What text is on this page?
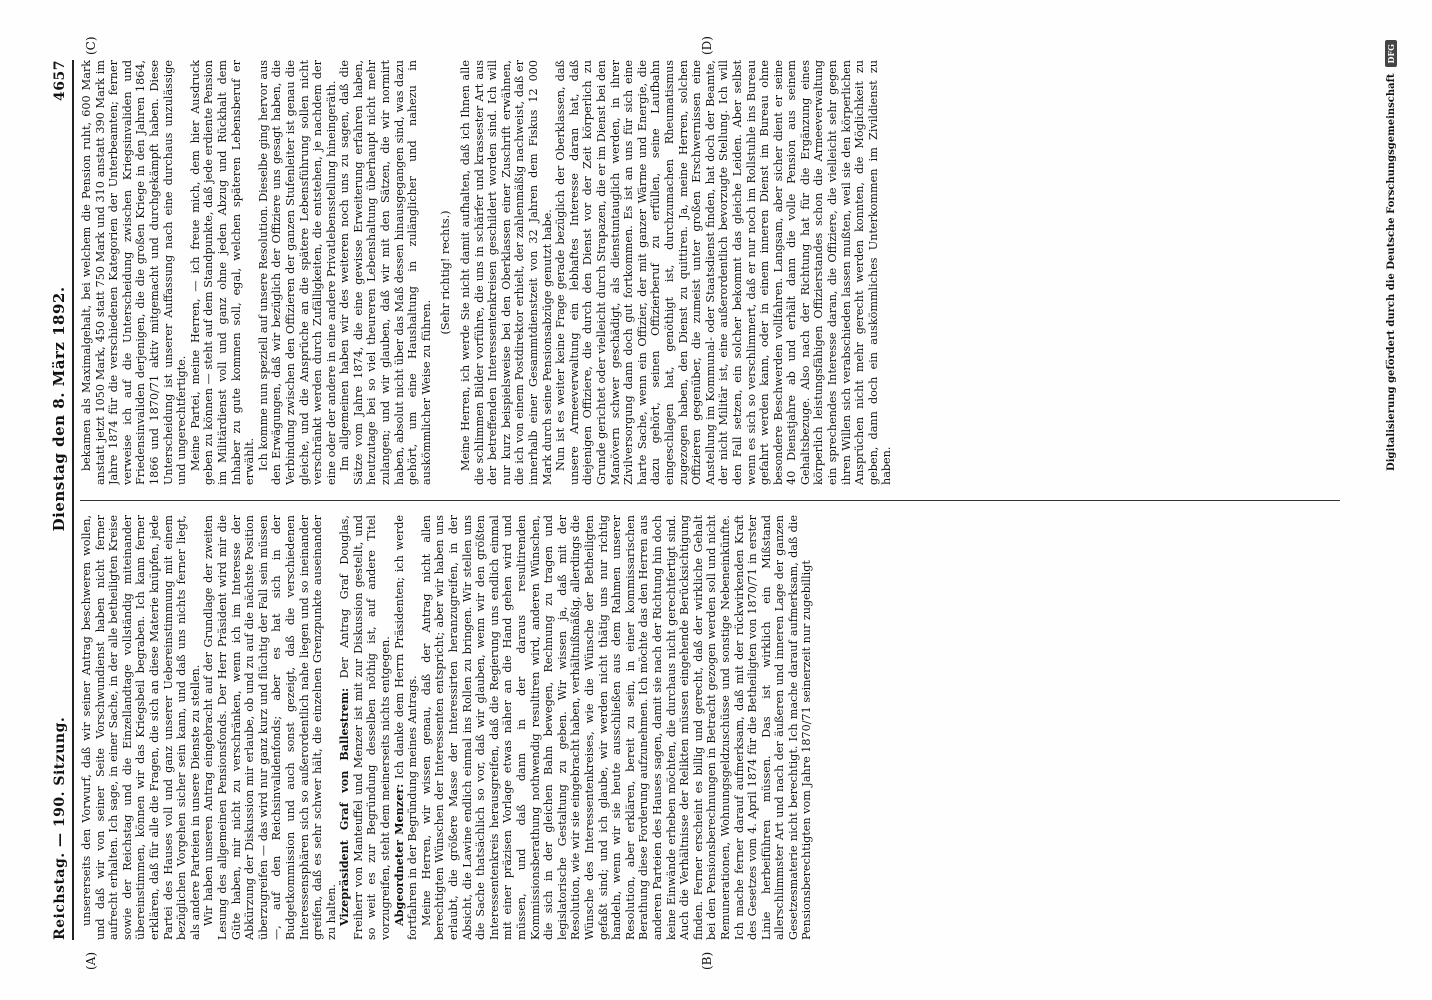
Reichstag. — 190. Sitzung.
Dienstag den 8. März 1892.
4657
(A)	(B)
(C)	(D)

unsererseits den Vorwurf, daß wir seiner Antrag beschweren wollen, und daß wir von seiner Seite Vorschwundienst haben nicht ferner aufrecht erhalten. Ich sage, in einer Sache, in der alle betheiligten Kreise sowie der Reichstag und die Einzellandtage vollständig miteinander übereinstimmen, können wir das Kriegsbeil begraben. Ich kann ferner erklären, daß für alle die Fragen, die sich an diese Materie knüpfen, jede Partei des Hauses voll und ganz unserer Uebereinstimmung mit einem bezüglichen Vorgehen sicher sein kann, und daß uns nichts ferner liegt, als andere Parteien in unsere Dienste zu stellen. Wir haben unseren Antrag eingebracht auf der Grundlage der zweiten Lesung des allgemeinen Pensionsfonds. Der Herr Präsident wird mir die Güte haben, mir nicht zu verschränken, wenn ich im Interesse der Abkürzung der Diskussion mir erlaube, ob und zu auf die nächste Position überzugreifen — das wird nur ganz kurz und flüchtig der Fall sein müssen —, auf den Reichsinvalidenfonds; aber es hat sich in der Budgetkommission und auch sonst gezeigt, daß die verschiedenen Interessensphären sich so außerordentlich nahe liegen und so ineinander greifen, daß es sehr schwer hält, die einzelnen Grenzpunkte auseinander zu halten. Vizepräsident Graf von Ballestrem: Der Antrag Graf Douglas, Freiherr von Manteuffel und Menzer ist mit zur Diskussion gestellt, und so weit es zur Begründung desselben nöthig ist, auf andere Titel vorzugreifen, steht dem meinerseits nichts entgegen. Abgeordneter Menzer: Ich danke dem Herrn Präsidenten; ich werde fortfahren in der Begründung meines Antrags. Meine Herren, wir wissen genau, daß der Antrag nicht allen berechtigten Wünschen der Interessenten entspricht; aber wir haben uns erlaubt, die größere Masse der Interessirten heranzugreifen, in der Absicht, die Lawine endlich einmal ins Rollen zu bringen. Wir stellen uns die Sache thatsächlich so vor, daß wir glauben, wenn wir den größten Interessentenkreis herausgreifen, daß die Regierung uns endlich einmal mit einer präzisen Vorlage etwas näher an die Hand gehen wird und müssen, und daß dann in der daraus resultirenden Kommissionsberathung nothwendig resultiren wird, anderen Wünschen, die sich in der gleichen Bahn bewegen, Rechnung zu tragen und legislatorische Gestaltung zu geben. Wir wissen ja, daß mit der Resolution, wie wir sie eingebracht haben, verhältnißmäßig, allerdings die Wünsche des Interessentenkreises, wie die Wünsche der Betheiligten gefaßt sind; und ich glaube, wir werden nicht thätig uns nur richtig handeln, wenn wir sie heute ausschließen aus dem Rahmen unserer Resolution, aber erklären, bereit zu sein, in einer kommissarischen Berathung diese Forderung aufzunehmen. Ich möchte das den Herren aus anderen Parteien des Hauses sagen, damit sie nach der Richtung hin doch keine Einwände erheben möchten, die durchaus nicht gerechtfertigt sind. Auch die Verhältnisse der Relikten müssen eingehende Berücksichtigung finden. Ferner erscheint es billig und gerecht, daß der wirkliche Gehalt bei den Pensionsberechnungen in Betracht gezogen werden soll und nicht Remunerationen, Wohnungsgeldzuschüsse und sonstige Nebeneinkünfte. Ich mache ferner darauf aufmerksam, daß mit der rückwirkenden Kraft des Gesetzes vom 4. April 1874 für die Betheiligten von 1870/71 in erster Linie herbeiführen müssen. Das ist wirklich ein Mißstand allerschlimmster Art und nach der äußeren und inneren Lage der ganzen Gesetzesmaterie nicht berechtigt. Ich mache darauf aufmerksam, daß die Pensionsberechtigten vom Jahre 1870/71 seinerzeit nur zugebilligt

bekamen als Maximalgehalt, bei welchem die Pension ruht, 600 Mark anstatt jetzt 1050 Mark, 450 statt 750 Mark und 310 anstatt 390 Mark im Jahre 1874 für die verschiedenen Kategorien der Unterbeamten; ferner verweise ich auf die Unterscheidung zwischen Kriegsinvaliden und Friedensinvaliden derjenigen, die die großen Kriege in den Jahren 1864, 1866 und 1870/71 aktiv mitgemacht und durchgekämpft haben. Diese Unterscheidung ist unserer Auffassung nach eine durchaus unzulässige und ungerechtfertigte. Meine Partei, meine Herren, — ich freue mich, dem hier Ausdruck geben zu können — steht auf dem Standpunkte, daß jede erdiente Pension im Militärdienst voll und ganz ohne jeden Abzug und Rückhalt dem Inhaber zu gute kommen soll, egal, welchen späteren Lebensberuf er erwählt. Ich komme nun speziell auf unsere Resolution. Dieselbe ging hervor aus den Erwägungen, daß wir bezüglich der Offiziere uns gesagt haben, die Verbindung zwischen den Offizieren der ganzen Stufenleiter ist genau die gleiche, und die Ansprüche an die spätere Lebensführung sollen nicht verschränkt werden durch Zufälligkeiten, die entstehen, je nachdem der eine oder der andere in eine andere Privatlebensstellung hineingeräth. Im allgemeinen haben wir des weiteren noch uns zu sagen, daß die Sätze vom Jahre 1874, die eine gewisse Erweiterung erfahren haben, heutzutage bei so viel theureren Lebenshaltung überhaupt nicht mehr zulangen; und wir glauben, daß wir mit den Sätzen, die wir normirt haben, absolut nicht über das Maß dessen hinausgegangen sind, was dazu gehört, um eine Haushaltung in zulänglicher und nahezu in auskömmlicher Weise zu führen.

(Sehr richtig! rechts.) Meine Herren, ich werde Sie nicht damit aufhalten, daß ich Ihnen alle die schlimmen Bilder vorführe, die uns in schärfer und krassester Art aus der betreffenden Interessentenkreisen geschildert worden sind. Ich will nur kurz beispielsweise bei den Oberklassen einer Zuschrift erwähnen, die ich von einem Postdirektor erhielt, der zahlenmäßig nachweist, daß er innerhalb einer Gesammtdienstzeit von 32 Jahren dem Fiskus 12 000 Mark durch seine Pensionsabzüge genutzt habe. Nun ist es weiter keine Frage gerade bezüglich der Oberklassen, daß unsere Armeeverwaltung ein lebhaftes Interesse daran hat, daß diejenigen Offiziere, die durch den Dienst vor der Zeit körperlich zu Grunde gerichtet oder vielleicht durch Strapazen, die er im Dienst bei den Manövern schwer geschädigt, als dienstuntauglich werden, in ihrer Zivilversorgung dann doch gut fortkommen. Es ist an uns für sich eine harte Sache, wenn ein Offizier, der mit ganzer Wärme und Energie, die dazu gehört, seinen Offizierberuf zu erfüllen, seine Laufbahn eingeschlagen hat, genöthigt ist, durchzumachen Rheumatismus zugezogen haben, den Dienst zu quittiren. Ja, meine Herren, solchen Offizieren gegenüber, die zumeist unter großen Erschwernissen eine Anstellung im Kommunal- oder Staatsdienst finden, hat doch der Beamte, der nicht Militär ist, eine außerordentlich bevorzugte Stellung. Ich will den Fall setzen, ein solcher bekommt das gleiche Leiden. Aber selbst wenn es sich so verschlimmert, daß er nur noch im Rollstuhle ins Bureau gefahrt werden kann, oder in einem inneren Dienst im Bureau ohne besondere Beschwerden vollfahren. Langsam, aber sicher dient er seine 40 Dienstjahre ab und erhält dann die volle Pension aus seinem Gehaltsbezuge. Also nach der Richtung hat für die Ergänzung eines körperlich leistungsfähigen Offizierstandes schon die Armeeverwaltung ein sprechendes Interesse daran, die Offiziere, die vielleicht sehr gegen ihren Willen sich verabschieden lassen mußten, weil sie den körperlichen Ansprüchen nicht mehr gerecht werden konnten, die Möglichkeit zu geben, dann doch ein auskömmliches Unterkommen im Zivildienst zu haben.	Digitalisierung gefördert durch die Deutsche ForschungsgemeinschaftDFG
